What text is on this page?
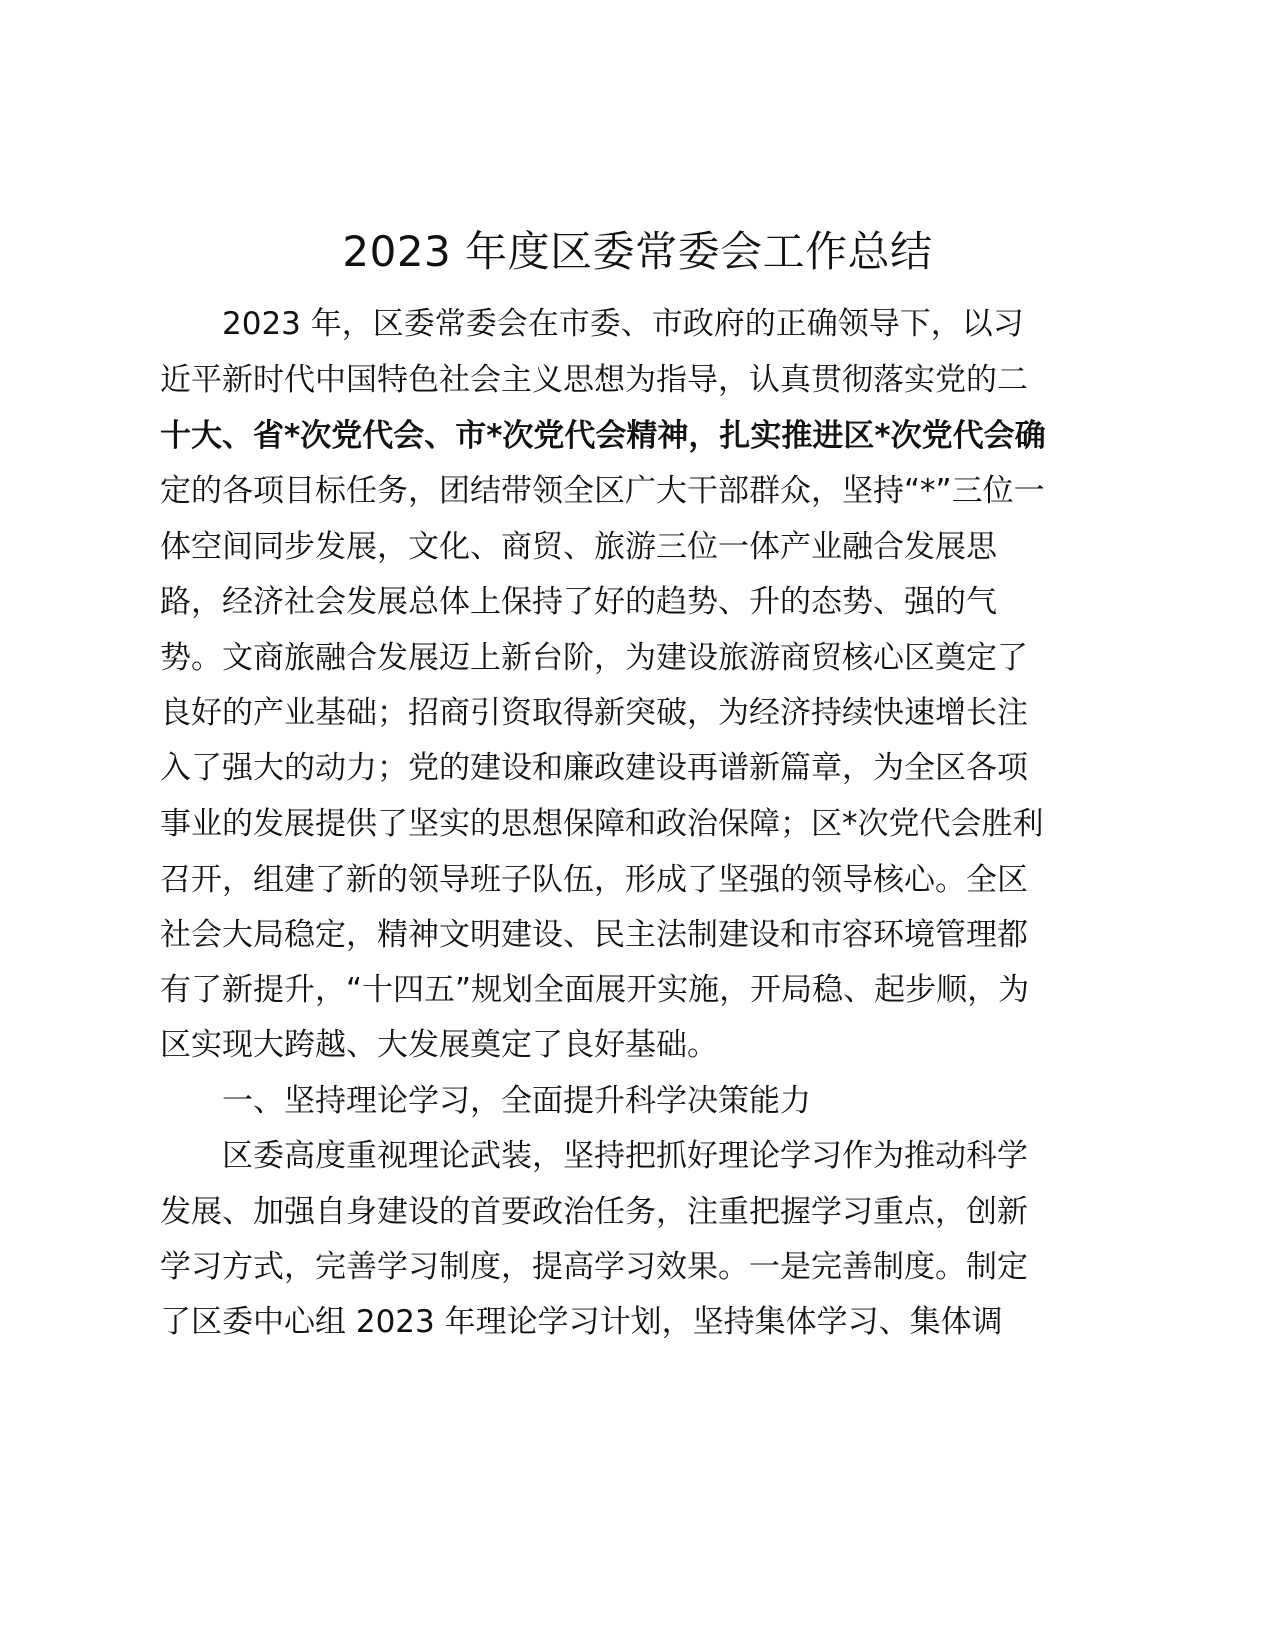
2023 年度区委常委会工作总结

2023 年，区委常委会在市委、市政府的正确领导下，以习

近平新时代中国特色社会主义思想为指导，认真贯彻落实党的二

十大、省*次党代会、市*次党代会精神，扎实推进区*次党代会确

定的各项目标任务，团结带领全区广大干部群众，坚持“*”三位一

体空间同步发展，文化、商贸、旅游三位一体产业融合发展思

路，经济社会发展总体上保持了好的趋势、升的态势、强的气

势。文商旅融合发展迈上新台阶，为建设旅游商贸核心区奠定了

良好的产业基础；招商引资取得新突破，为经济持续快速增长注

入了强大的动力；党的建设和廉政建设再谱新篇章，为全区各项

事业的发展提供了坚实的思想保障和政治保障；区*次党代会胜利

召开，组建了新的领导班子队伍，形成了坚强的领导核心。全区

社会大局稳定，精神文明建设、民主法制建设和市容环境管理都

有了新提升，“十四五”规划全面展开实施，开局稳、起步顺，为

区实现大跨越、大发展奠定了良好基础。

一、坚持理论学习，全面提升科学决策能力

区委高度重视理论武装，坚持把抓好理论学习作为推动科学

发展、加强自身建设的首要政治任务，注重把握学习重点，创新

学习方式，完善学习制度，提高学习效果。一是完善制度。制定

了区委中心组 2023 年理论学习计划，坚持集体学习、集体调
